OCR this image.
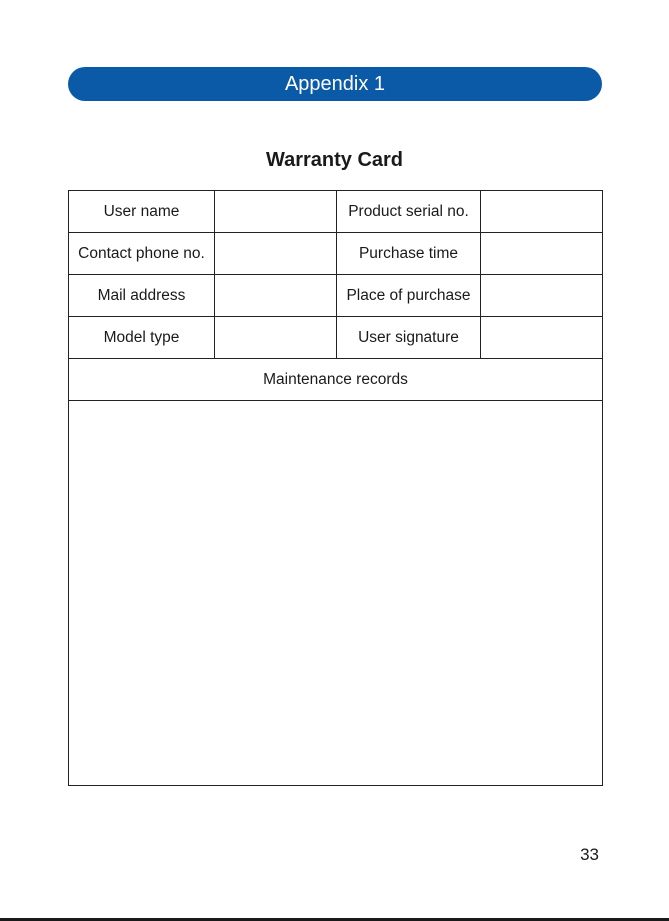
Appendix 1
Warranty Card
User name		Product serial no.	
Contact phone no.		Purchase time	
Mail address		Place of purchase	
Model type		User signature	
Maintenance records			

33
